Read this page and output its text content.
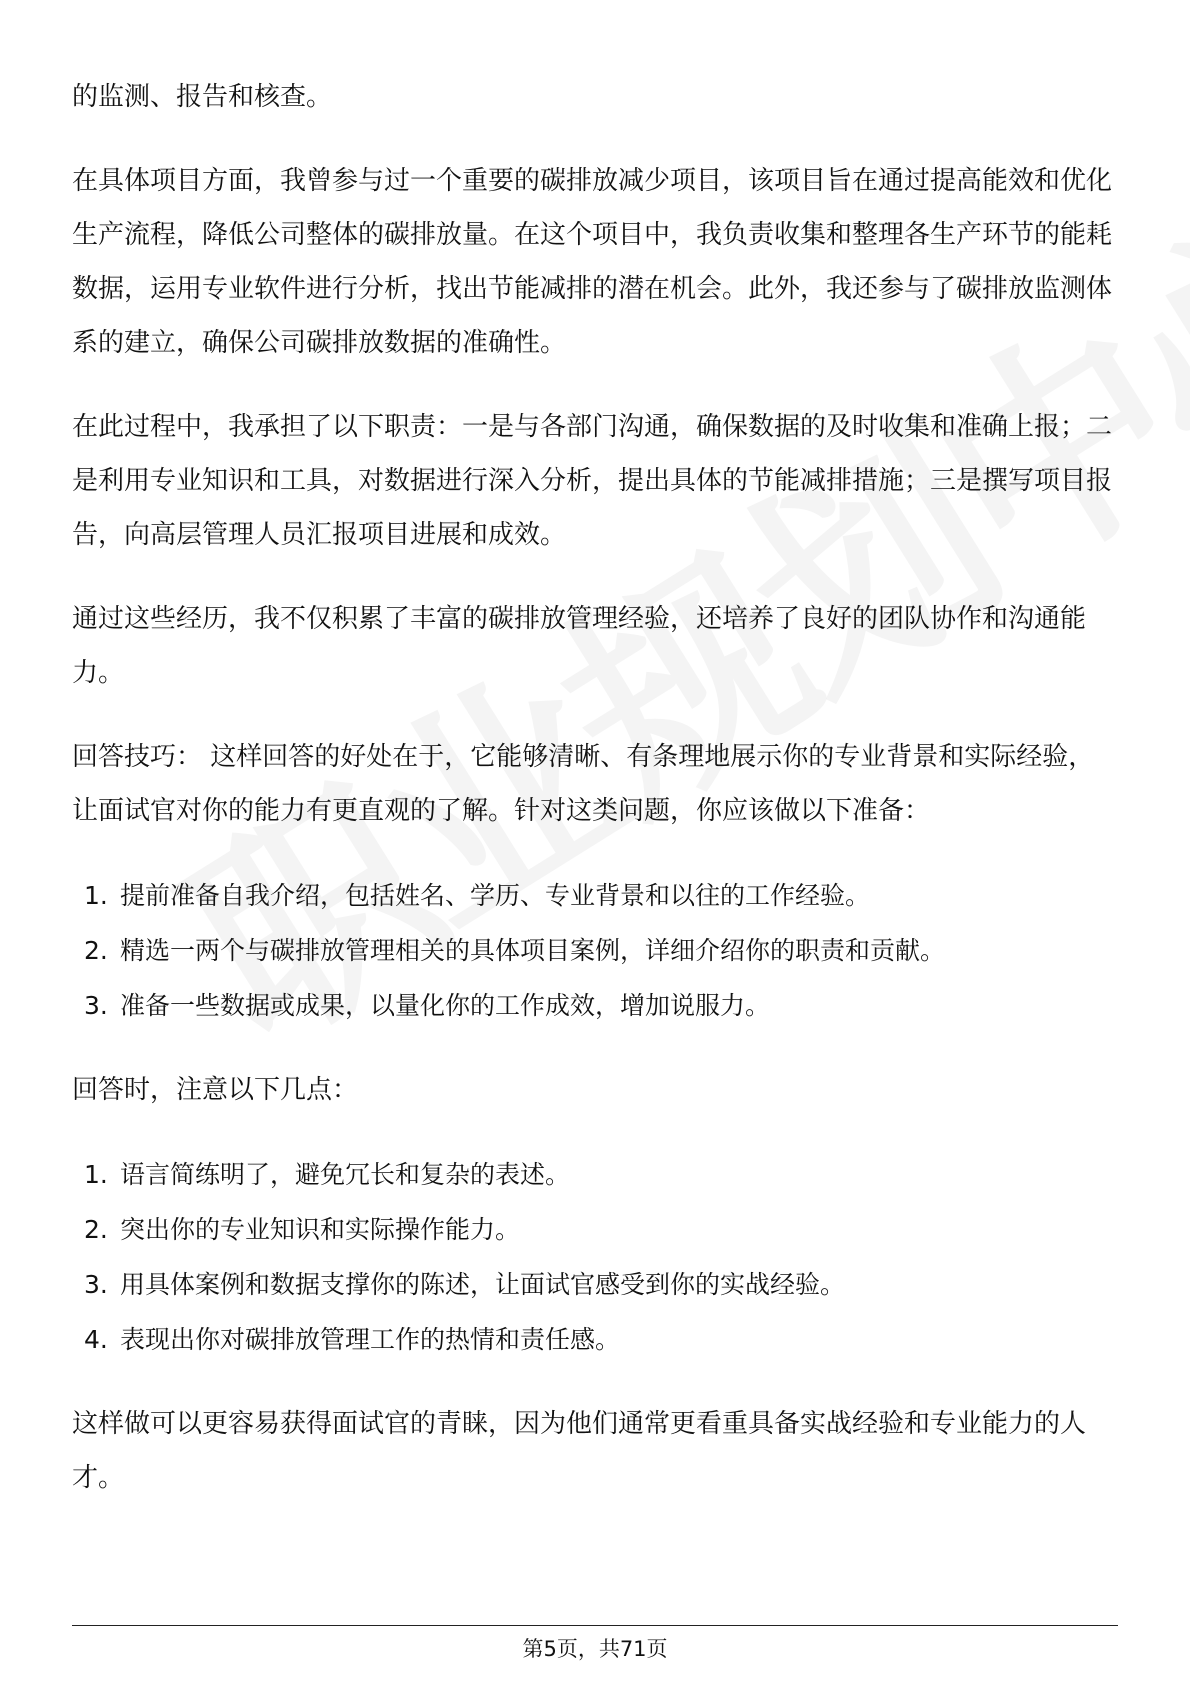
的监测、报告和核查。

在具体项目方面，我曾参与过一个重要的碳排放减少项目，该项目旨在通过提高能效和优化生产流程，降低公司整体的碳排放量。在这个项目中，我负责收集和整理各生产环节的能耗数据，运用专业软件进行分析，找出节能减排的潜在机会。此外，我还参与了碳排放监测体系的建立，确保公司碳排放数据的准确性。

在此过程中，我承担了以下职责：一是与各部门沟通，确保数据的及时收集和准确上报；二是利用专业知识和工具，对数据进行深入分析，提出具体的节能减排措施；三是撰写项目报告，向高层管理人员汇报项目进展和成效。

通过这些经历，我不仅积累了丰富的碳排放管理经验，还培养了良好的团队协作和沟通能力。

回答技巧： 这样回答的好处在于，它能够清晰、有条理地展示你的专业背景和实际经验，让面试官对你的能力有更直观的了解。针对这类问题，你应该做以下准备：

1. 提前准备自我介绍，包括姓名、学历、专业背景和以往的工作经验。
2. 精选一两个与碳排放管理相关的具体项目案例，详细介绍你的职责和贡献。
3. 准备一些数据或成果，以量化你的工作成效，增加说服力。

回答时，注意以下几点：

1. 语言简练明了，避免冗长和复杂的表述。
2. 突出你的专业知识和实际操作能力。
3. 用具体案例和数据支撑你的陈述，让面试官感受到你的实战经验。
4. 表现出你对碳排放管理工作的热情和责任感。

这样做可以更容易获得面试官的青睐，因为他们通常更看重具备实战经验和专业能力的人才。

第5页，共71页
